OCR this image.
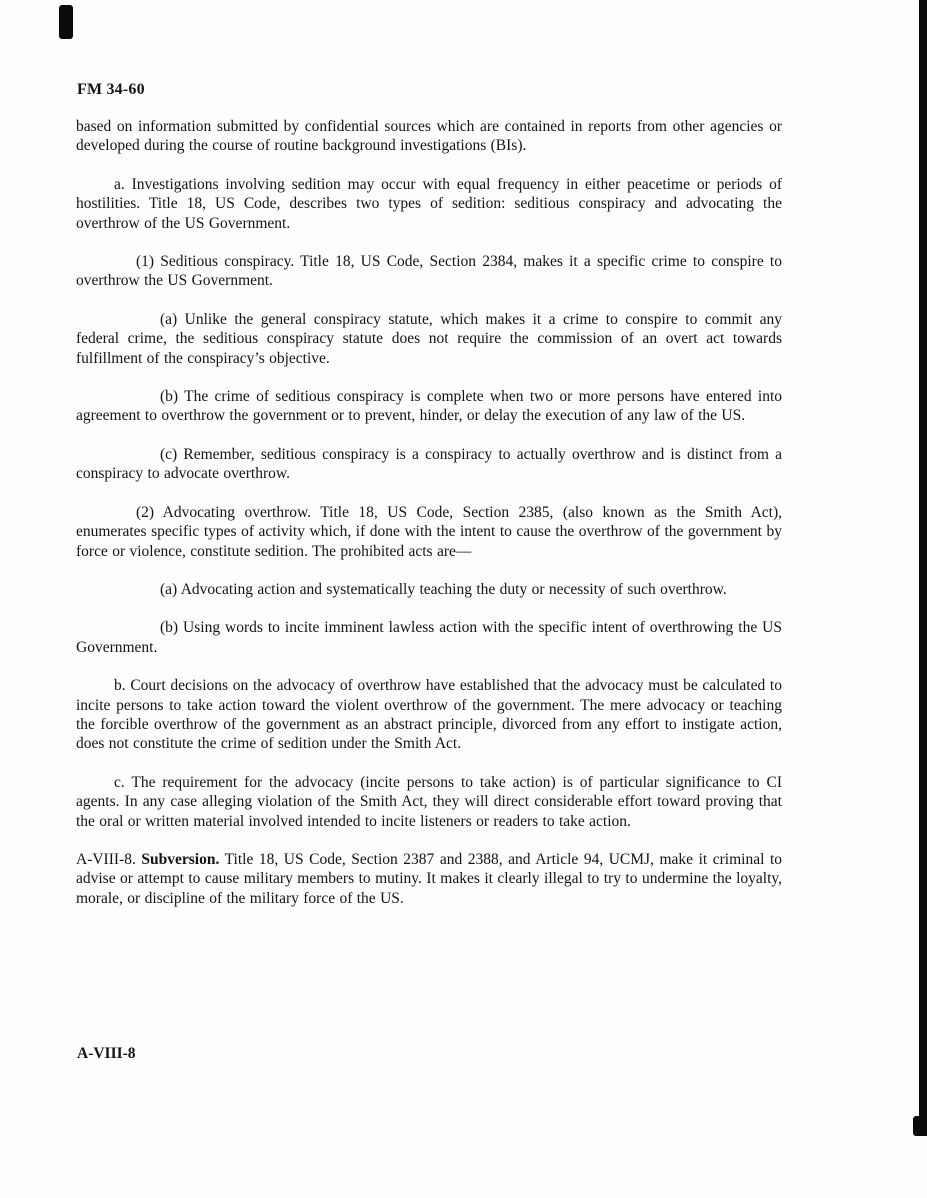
FM 34-60

based on information submitted by confidential sources which are contained in reports from other agencies or developed during the course of routine background investigations (BIs).

a. Investigations involving sedition may occur with equal frequency in either peacetime or periods of hostilities. Title 18, US Code, describes two types of sedition: seditious conspiracy and advocating the overthrow of the US Government.

(1) Seditious conspiracy. Title 18, US Code, Section 2384, makes it a specific crime to conspire to overthrow the US Government.

(a) Unlike the general conspiracy statute, which makes it a crime to conspire to commit any federal crime, the seditious conspiracy statute does not require the commission of an overt act towards fulfillment of the conspiracy’s objective.

(b) The crime of seditious conspiracy is complete when two or more persons have entered into agreement to overthrow the government or to prevent, hinder, or delay the execution of any law of the US.

(c) Remember, seditious conspiracy is a conspiracy to actually overthrow and is distinct from a conspiracy to advocate overthrow.

(2) Advocating overthrow. Title 18, US Code, Section 2385, (also known as the Smith Act), enumerates specific types of activity which, if done with the intent to cause the overthrow of the government by force or violence, constitute sedition. The prohibited acts are—

(a) Advocating action and systematically teaching the duty or necessity of such overthrow.

(b) Using words to incite imminent lawless action with the specific intent of overthrowing the US Government.

b. Court decisions on the advocacy of overthrow have established that the advocacy must be calculated to incite persons to take action toward the violent overthrow of the government. The mere advocacy or teaching the forcible overthrow of the government as an abstract principle, divorced from any effort to instigate action, does not constitute the crime of sedition under the Smith Act.

c. The requirement for the advocacy (incite persons to take action) is of particular significance to CI agents. In any case alleging violation of the Smith Act, they will direct considerable effort toward proving that the oral or written material involved intended to incite listeners or readers to take action.

A-VIII-8. Subversion. Title 18, US Code, Section 2387 and 2388, and Article 94, UCMJ, make it criminal to advise or attempt to cause military members to mutiny. It makes it clearly illegal to try to undermine the loyalty, morale, or discipline of the military force of the US.

A-VIII-8
